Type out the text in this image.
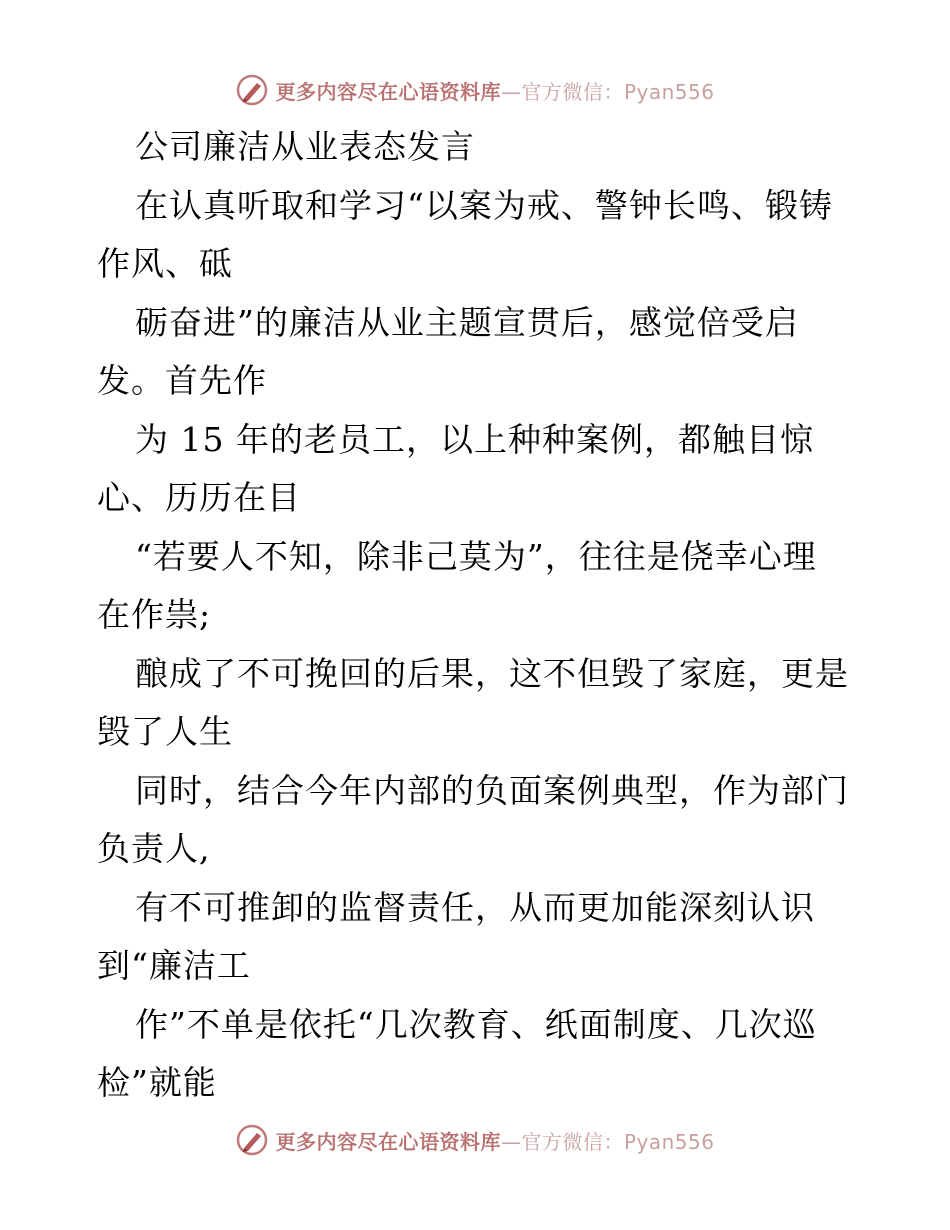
更多内容尽在心语资料库—官方微信：Pyan556
公司廉洁从业表态发言
在认真听取和学习“以案为戒、警钟长鸣、锻铸
作风、砥
砺奋进”的廉洁从业主题宣贯后，感觉倍受启
发。首先作
为 15 年的老员工，以上种种案例，都触目惊
心、历历在目
“若要人不知，除非己莫为”，往往是侥幸心理
在作祟;
酿成了不可挽回的后果，这不但毁了家庭，更是
毁了人生
同时，结合今年内部的负面案例典型，作为部门
负责人,
有不可推卸的监督责任，从而更加能深刻认识
到“廉洁工
作”不单是依托“几次教育、纸面制度、几次巡
检”就能
更多内容尽在心语资料库—官方微信：Pyan556
